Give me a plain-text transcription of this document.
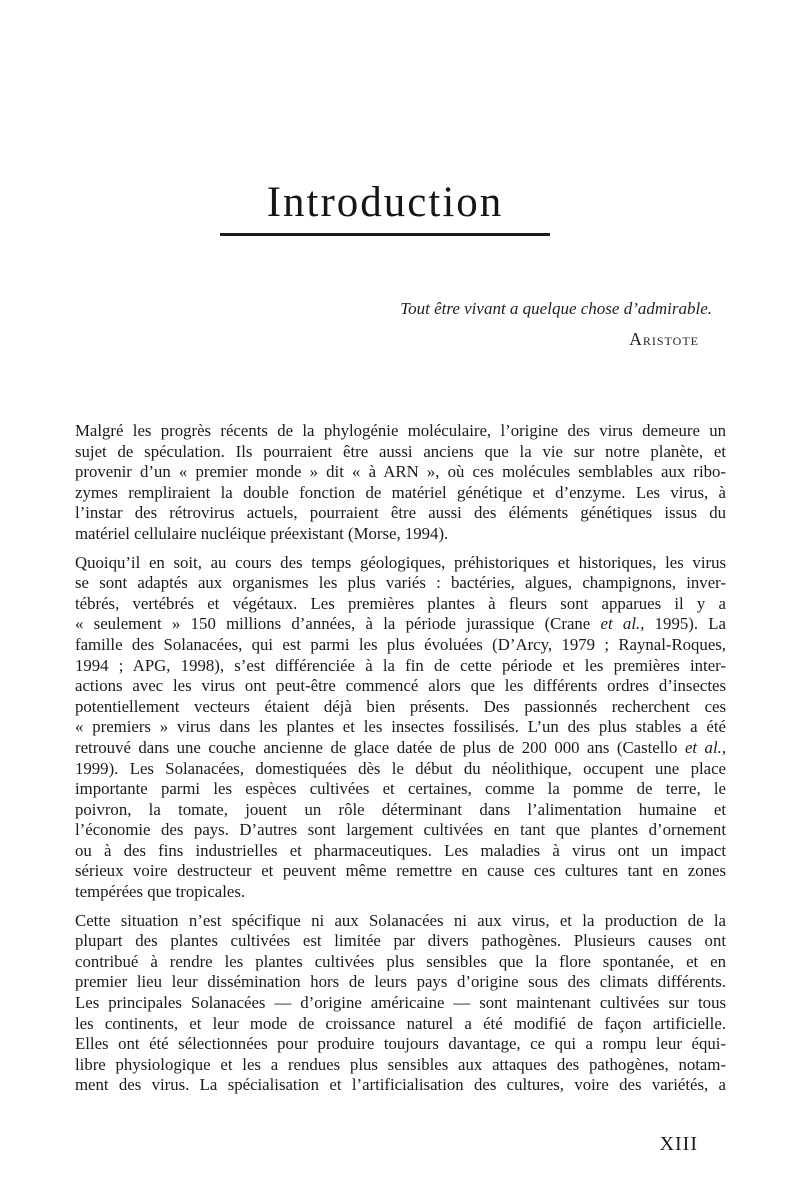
Introduction
Tout être vivant a quelque chose d’admirable.
Aristote
Malgré les progrès récents de la phylogénie moléculaire, l’origine des virus demeure un
sujet de spéculation. Ils pourraient être aussi anciens que la vie sur notre planète, et
provenir d’un « premier monde » dit « à ARN », où ces molécules semblables aux ribo-
zymes rempliraient la double fonction de matériel génétique et d’enzyme. Les virus, à
l’instar des rétrovirus actuels, pourraient être aussi des éléments génétiques issus du
matériel cellulaire nucléique préexistant (Morse, 1994).
Quoiqu’il en soit, au cours des temps géologiques, préhistoriques et historiques, les virus
se sont adaptés aux organismes les plus variés : bactéries, algues, champignons, inver-
tébrés, vertébrés et végétaux. Les premières plantes à fleurs sont apparues il y a
« seulement » 150 millions d’années, à la période jurassique (Crane et al., 1995). La
famille des Solanacées, qui est parmi les plus évoluées (D’Arcy, 1979 ; Raynal-Roques,
1994 ; APG, 1998), s’est différenciée à la fin de cette période et les premières inter-
actions avec les virus ont peut-être commencé alors que les différents ordres d’insectes
potentiellement vecteurs étaient déjà bien présents. Des passionnés recherchent ces
« premiers » virus dans les plantes et les insectes fossilisés. L’un des plus stables a été
retrouvé dans une couche ancienne de glace datée de plus de 200 000 ans (Castello et al.,
1999). Les Solanacées, domestiquées dès le début du néolithique, occupent une place
importante parmi les espèces cultivées et certaines, comme la pomme de terre, le
poivron, la tomate, jouent un rôle déterminant dans l’alimentation humaine et
l’économie des pays. D’autres sont largement cultivées en tant que plantes d’ornement
ou à des fins industrielles et pharmaceutiques. Les maladies à virus ont un impact
sérieux voire destructeur et peuvent même remettre en cause ces cultures tant en zones
tempérées que tropicales.
Cette situation n’est spécifique ni aux Solanacées ni aux virus, et la production de la
plupart des plantes cultivées est limitée par divers pathogènes. Plusieurs causes ont
contribué à rendre les plantes cultivées plus sensibles que la flore spontanée, et en
premier lieu leur dissémination hors de leurs pays d’origine sous des climats différents.
Les principales Solanacées — d’origine américaine — sont maintenant cultivées sur tous
les continents, et leur mode de croissance naturel a été modifié de façon artificielle.
Elles ont été sélectionnées pour produire toujours davantage, ce qui a rompu leur équi-
libre physiologique et les a rendues plus sensibles aux attaques des pathogènes, notam-
ment des virus. La spécialisation et l’artificialisation des cultures, voire des variétés, a
XIII
